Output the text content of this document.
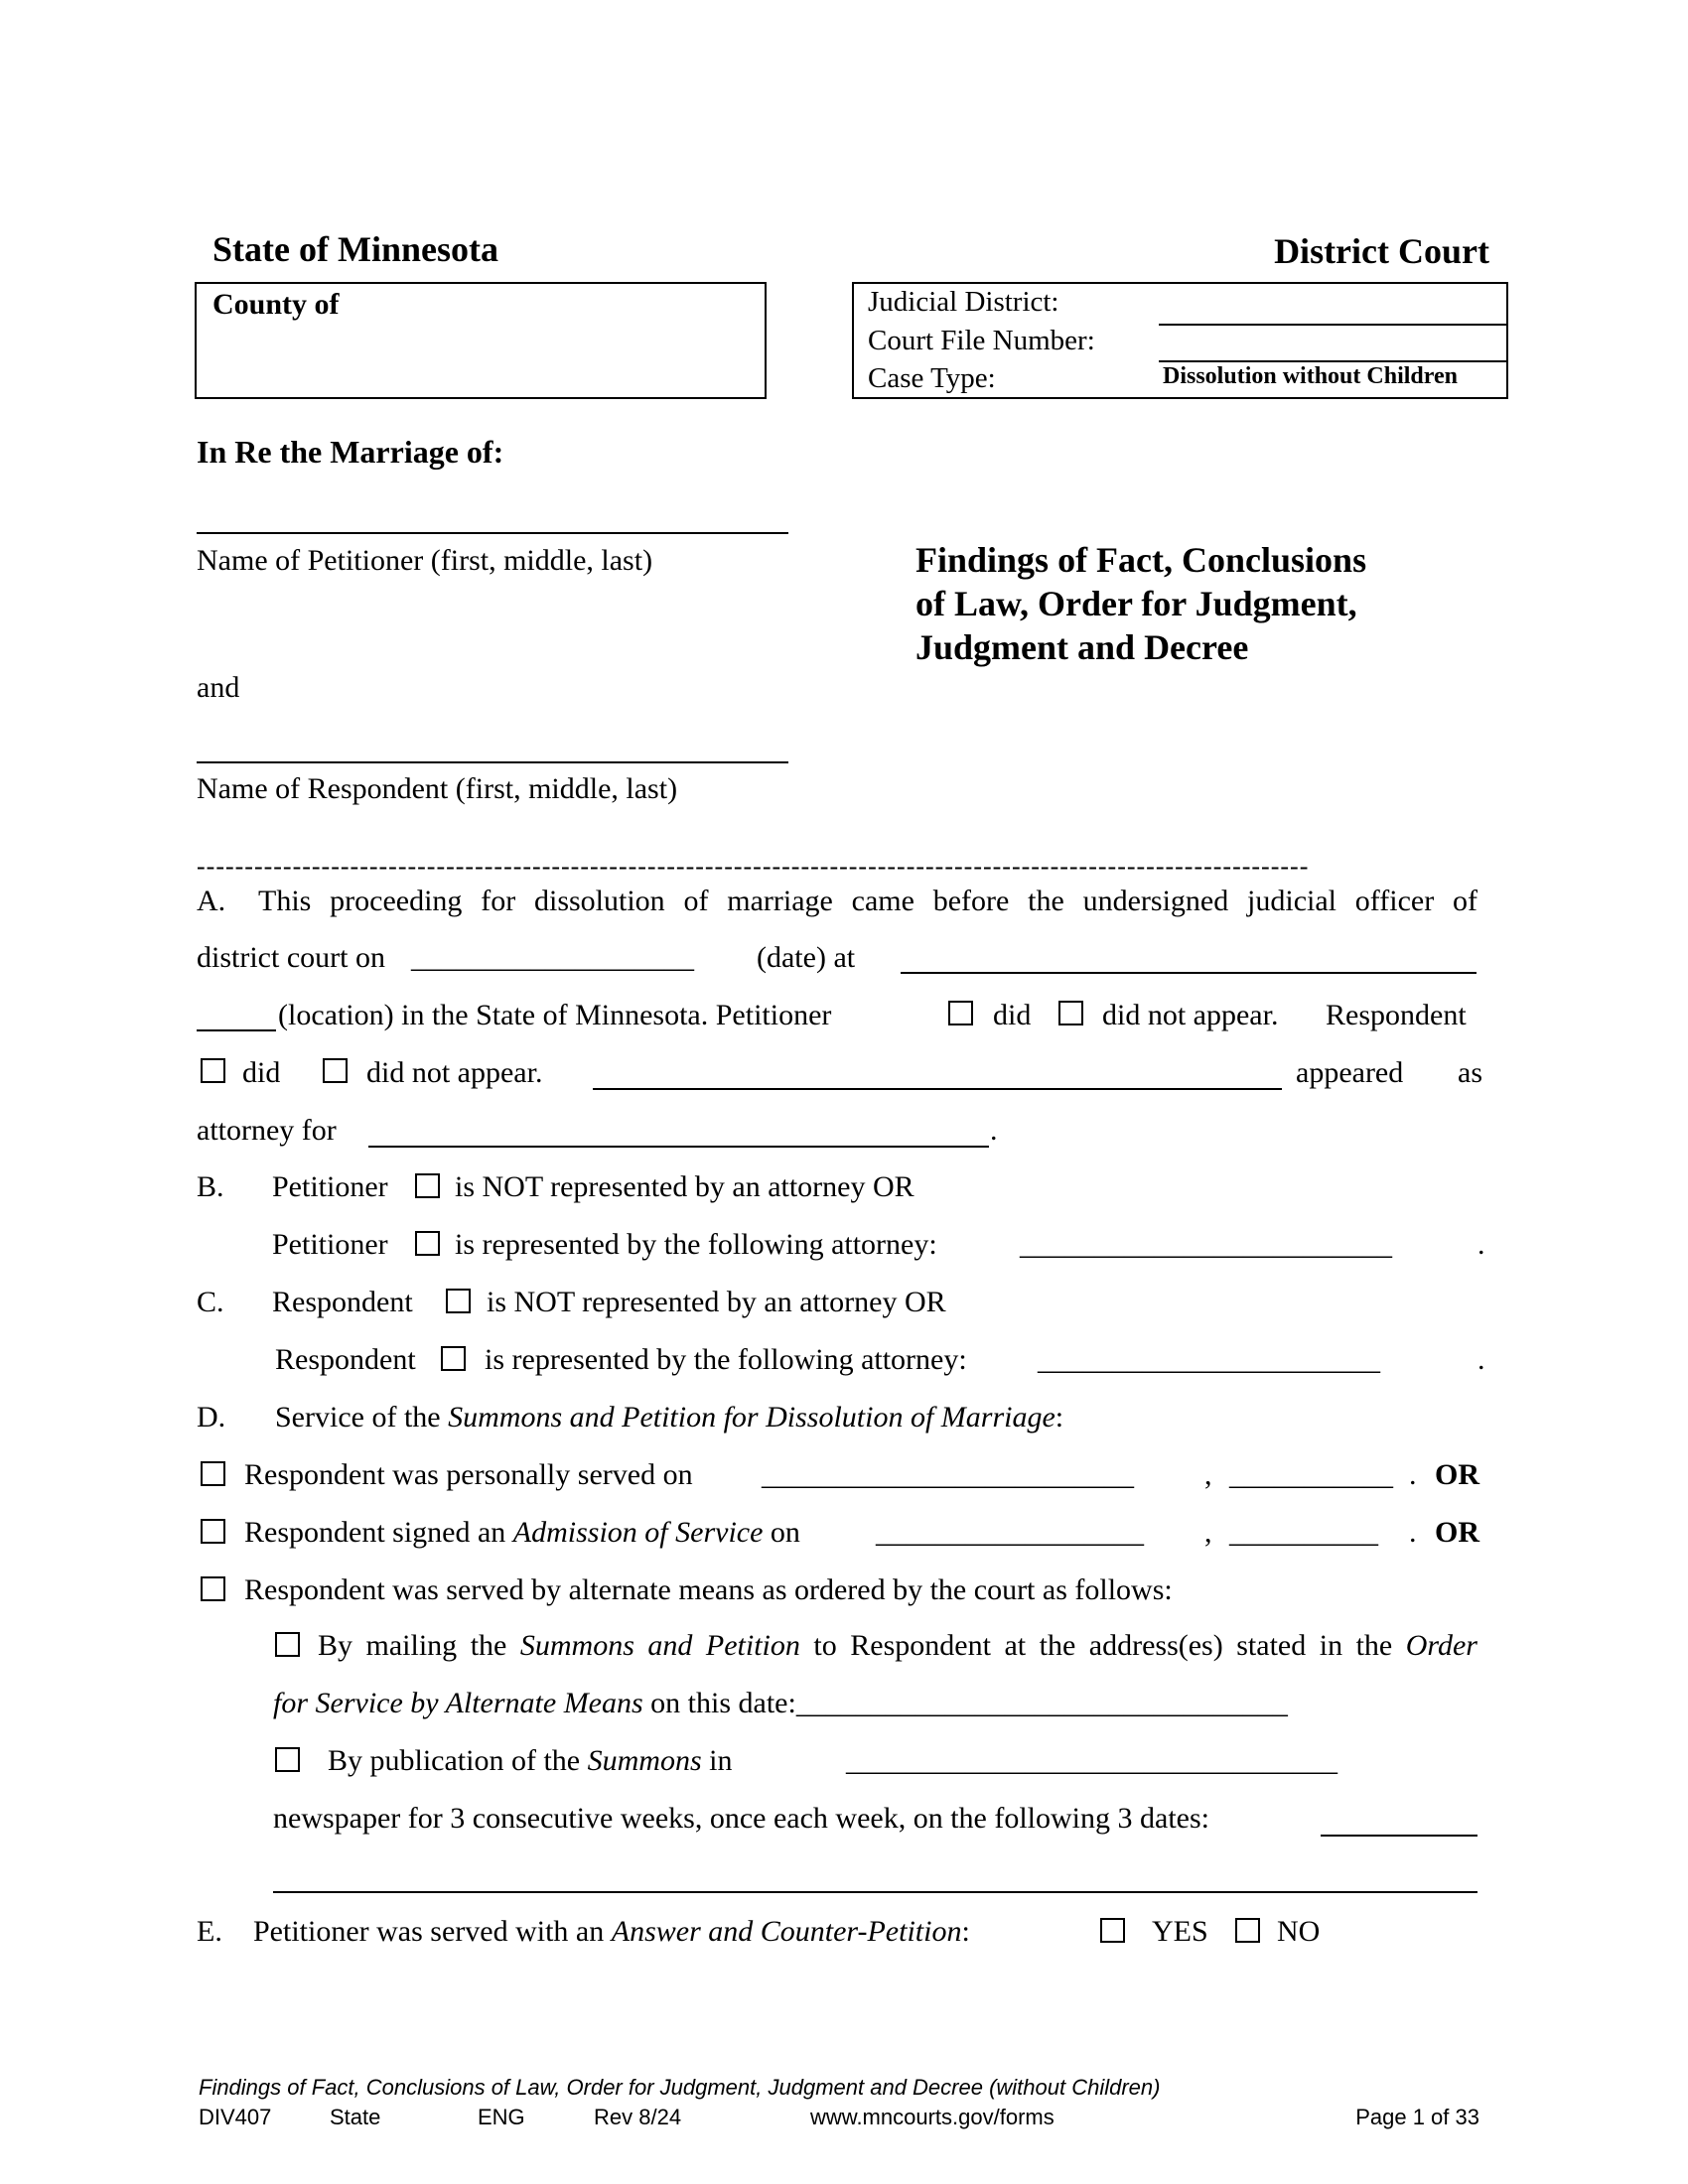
State of Minnesota	District Court
County of	Judicial District:
Court File Number:
Case Type:	Dissolution without Children
In Re the Marriage of:
Name of Petitioner (first, middle, last)
and
Name of Respondent (first, middle, last)
Findings of Fact, Conclusions
of Law, Order for Judgment,
Judgment and Decree
--------------------------------------------------------------------------------------------------------------------
A. This proceeding for dissolution of marriage came before the undersigned judicial officer of
district court on ___________________ (date) at
(location) in the State of Minnesota. Petitioner	did did not appear. Respondent
did	did not appear.	appeared as
attorney for	.
B. Petitioner is NOT represented by an attorney OR
Petitioner is represented by the following attorney:	_________________________	.
C. Respondent is NOT represented by an attorney OR
Respondent is represented by the following attorney: _______________________	.
D. Service of the Summons and Petition for Dissolution of Marriage:
Respondent was personally served on _________________________ , ___________ . OR
Respondent signed an Admission of Service on	__________________ , __________ . OR
Respondent was served by alternate means as ordered by the court as follows:
By mailing the Summons and Petition to Respondent at the address(es) stated in the Order
for Service by Alternate Means on this date:_________________________________
By publication of the Summons in	_________________________________
newspaper for 3 consecutive weeks, once each week, on the following 3 dates:
E. Petitioner was served with an Answer and Counter-Petition:	YES NO
Findings of Fact, Conclusions of Law, Order for Judgment, Judgment and Decree (without Children)
DIV407	State	ENG	Rev 8/24	www.mncourts.gov/forms	Page 1 of 33
